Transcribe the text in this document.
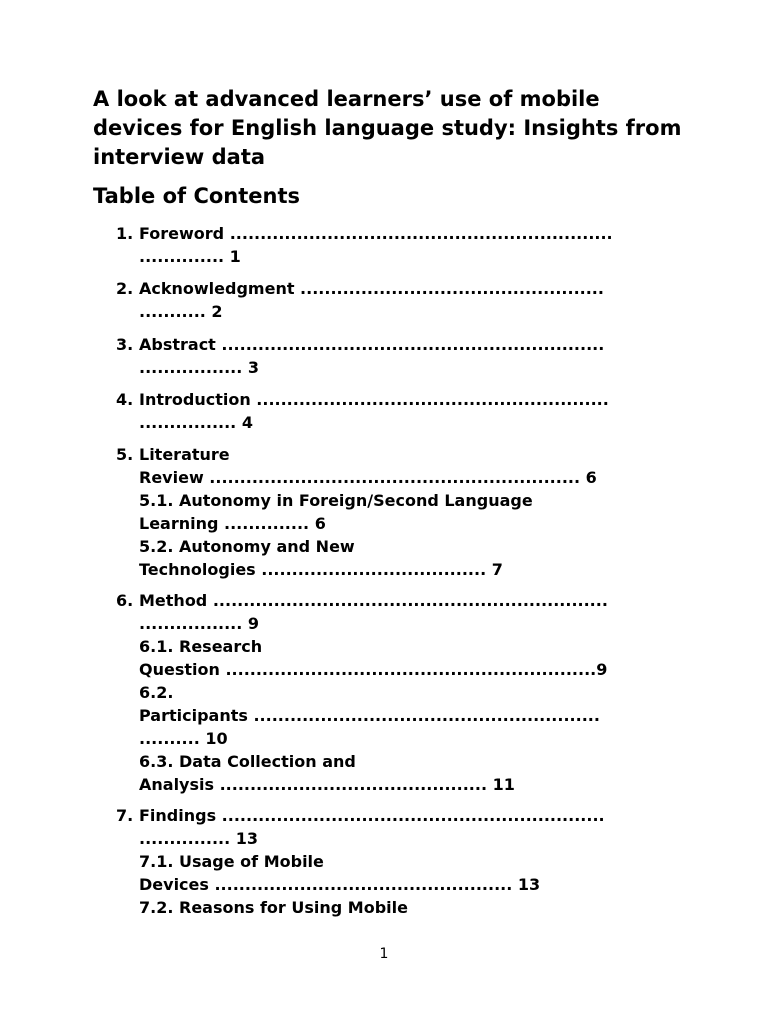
A look at advanced learners’ use of mobile devices for English language study: Insights from interview data
Table of Contents
1. Foreword ...............................................................
.............. 1
2. Acknowledgment ..................................................
........... 2
3. Abstract ...............................................................
................. 3
4. Introduction ..........................................................
................ 4
5. Literature
Review ............................................................. 6
5.1. Autonomy in Foreign/Second Language
Learning .............. 6
5.2. Autonomy and New
Technologies ..................................... 7
6. Method .................................................................
................. 9
6.1. Research
Question .............................................................9
6.2.
Participants .........................................................
.......... 10
6.3. Data Collection and
Analysis ............................................ 11
7. Findings ...............................................................
............... 13
7.1. Usage of Mobile
Devices ................................................. 13
7.2. Reasons for Using Mobile
1
